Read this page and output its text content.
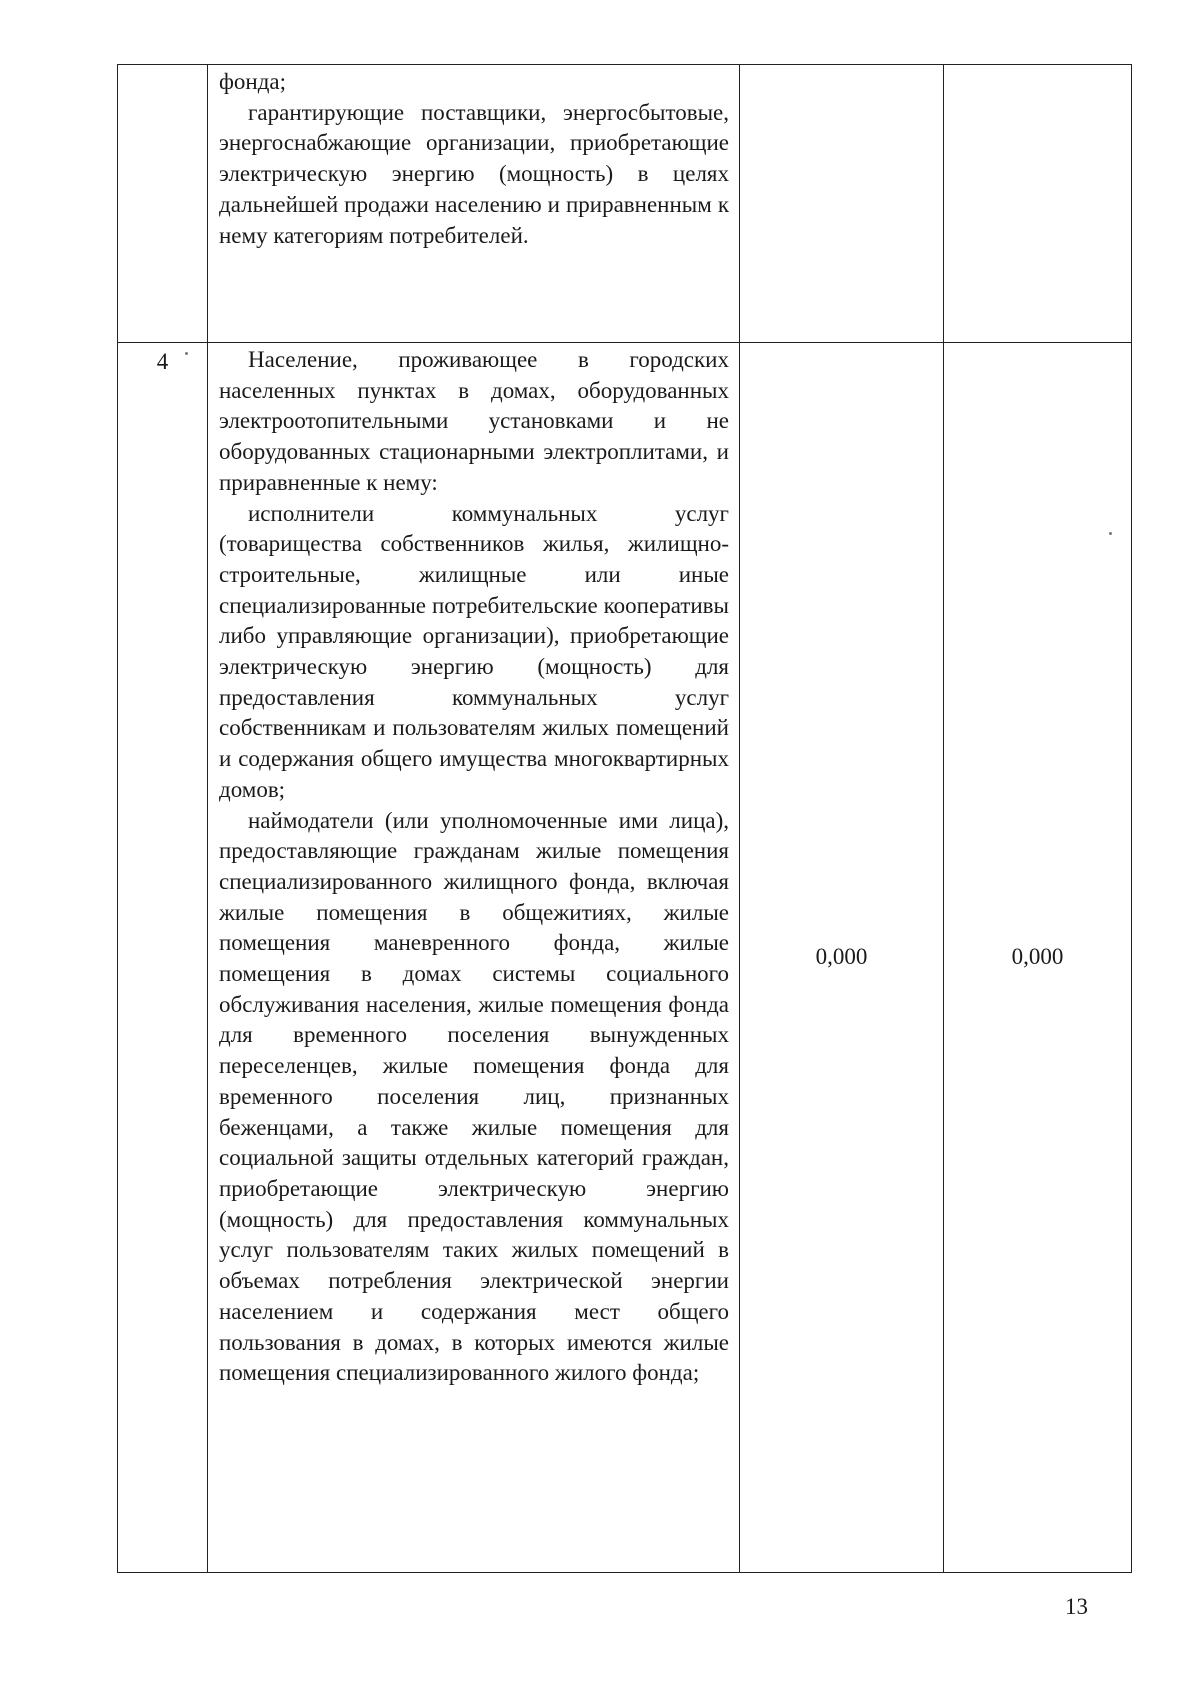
	фонда;

гарантирующие поставщики, энергосбытовые, энергоснабжающие организации, приобретающие электрическую энергию (мощность) в целях дальнейшей продажи населению и приравненным к нему категориям потребителей.		

4	Население, проживающее в городских населенных пунктах в домах, оборудованных электроотопительными установками и не оборудованных стационарными электроплитами, и приравненные к нему:

исполнители коммунальных услуг (товарищества собственников жилья, жилищно-строительные, жилищные или иные специализированные потребительские кооперативы либо управляющие организации), приобретающие электрическую энергию (мощность) для предоставления коммунальных услуг собственникам и пользователям жилых помещений и содержания общего имущества многоквартирных домов;

наймодатели (или уполномоченные ими лица), предоставляющие гражданам жилые помещения специализированного жилищного фонда, включая жилые помещения в общежитиях, жилые помещения маневренного фонда, жилые помещения в домах системы социального обслуживания населения, жилые помещения фонда для временного поселения вынужденных переселенцев, жилые помещения фонда для временного поселения лиц, признанных беженцами, а также жилые помещения для социальной защиты отдельных категорий граждан, приобретающие электрическую энергию (мощность) для предоставления коммунальных услуг пользователям таких жилых помещений в объемах потребления электрической энергии населением и содержания мест общего пользования в домах, в которых имеются жилые помещения специализированного жилого фонда;	0,000	0,000
13
